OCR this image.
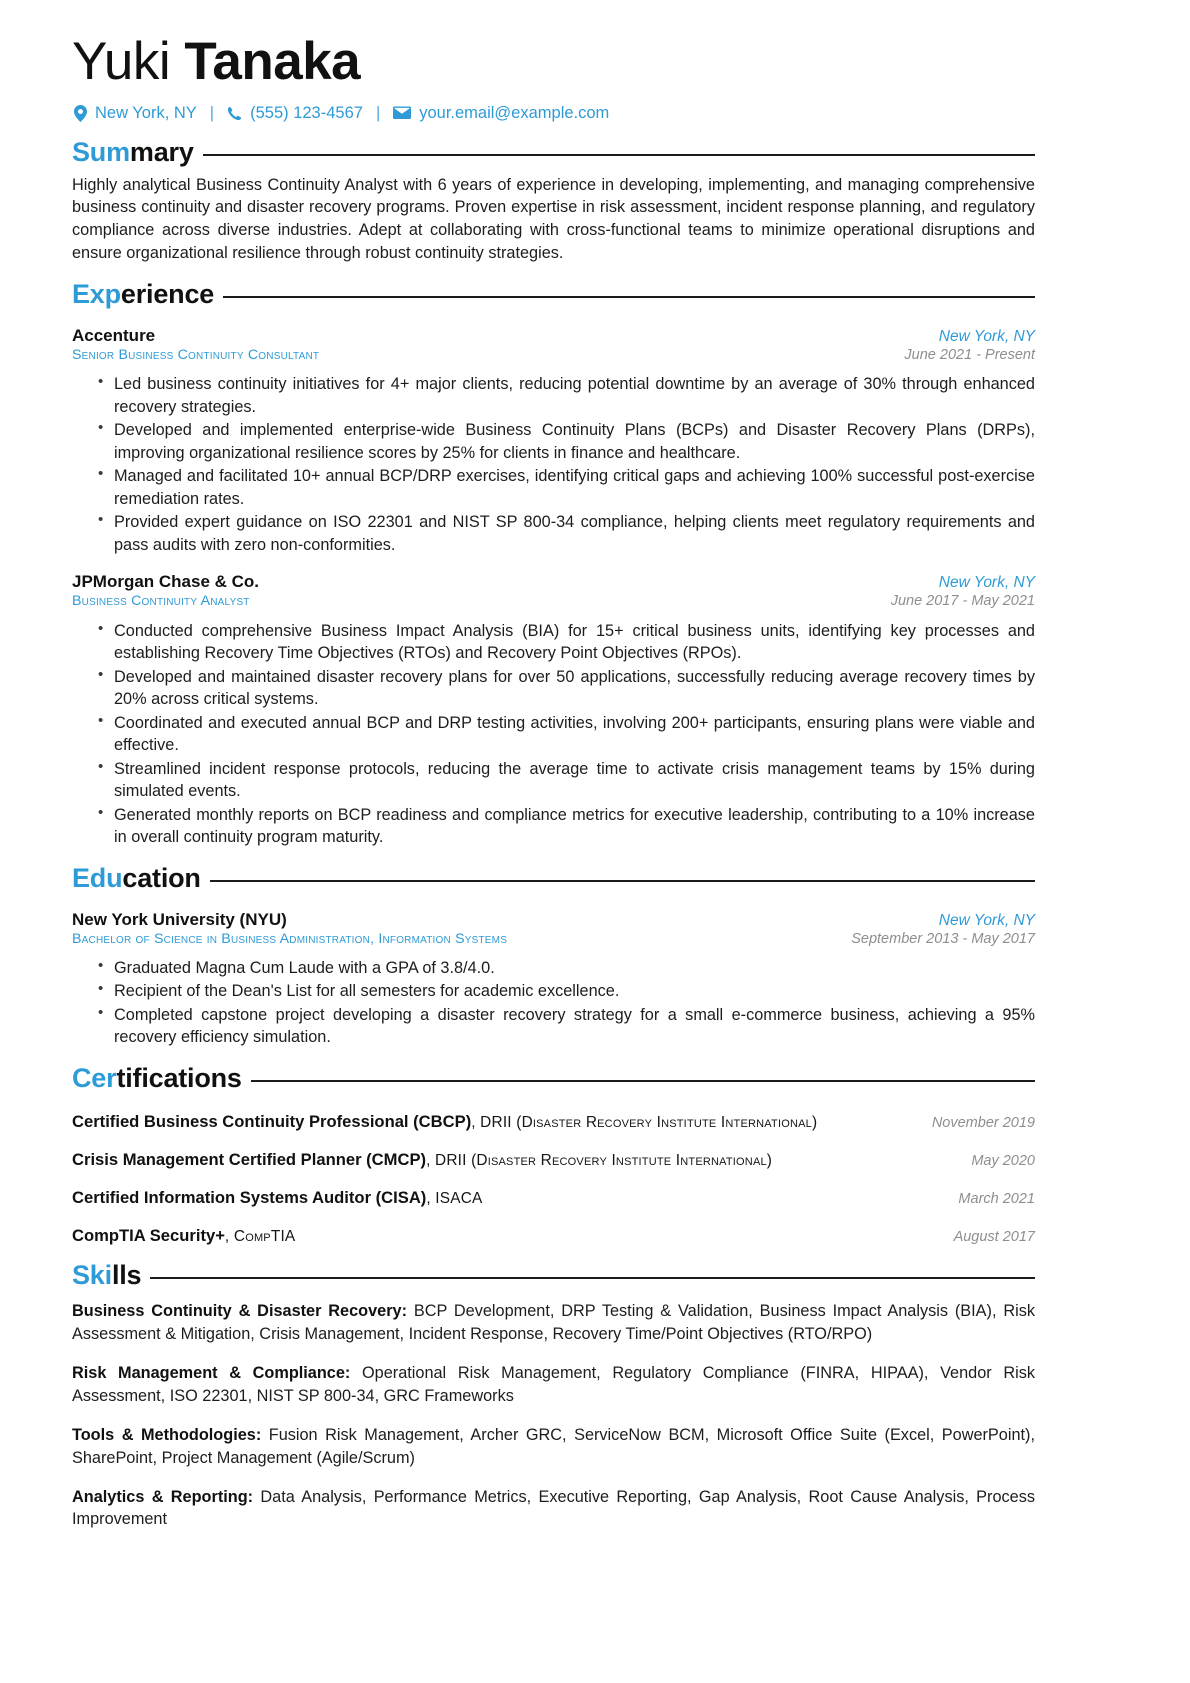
Yuki Tanaka
New York, NY | (555) 123-4567 | your.email@example.com
Summary

Highly analytical Business Continuity Analyst with 6 years of experience in developing, implementing, and managing comprehensive business continuity and disaster recovery programs. Proven expertise in risk assessment, incident response planning, and regulatory compliance across diverse industries. Adept at collaborating with cross-functional teams to minimize operational disruptions and ensure organizational resilience through robust continuity strategies.

Experience
Accenture	New York, NY
Senior Business Continuity Consultant	June 2021 - Present
• Led business continuity initiatives for 4+ major clients, reducing potential downtime by an average of 30% through enhanced recovery strategies.
• Developed and implemented enterprise-wide Business Continuity Plans (BCPs) and Disaster Recovery Plans (DRPs), improving organizational resilience scores by 25% for clients in finance and healthcare.
• Managed and facilitated 10+ annual BCP/DRP exercises, identifying critical gaps and achieving 100% successful post-exercise remediation rates.
• Provided expert guidance on ISO 22301 and NIST SP 800-34 compliance, helping clients meet regulatory requirements and pass audits with zero non-conformities.
JPMorgan Chase & Co.	New York, NY
Business Continuity Analyst	June 2017 - May 2021
• Conducted comprehensive Business Impact Analysis (BIA) for 15+ critical business units, identifying key processes and establishing Recovery Time Objectives (RTOs) and Recovery Point Objectives (RPOs).
• Developed and maintained disaster recovery plans for over 50 applications, successfully reducing average recovery times by 20% across critical systems.
• Coordinated and executed annual BCP and DRP testing activities, involving 200+ participants, ensuring plans were viable and effective.
• Streamlined incident response protocols, reducing the average time to activate crisis management teams by 15% during simulated events.
• Generated monthly reports on BCP readiness and compliance metrics for executive leadership, contributing to a 10% increase in overall continuity program maturity.
Education
New York University (NYU)	New York, NY
Bachelor of Science in Business Administration, Information Systems	September 2013 - May 2017
• Graduated Magna Cum Laude with a GPA of 3.8/4.0.
• Recipient of the Dean's List for all semesters for academic excellence.
• Completed capstone project developing a disaster recovery strategy for a small e-commerce business, achieving a 95% recovery efficiency simulation.
Certifications
Certified Business Continuity Professional (CBCP), DRII (Disaster Recovery Institute International)	November 2019
Crisis Management Certified Planner (CMCP), DRII (Disaster Recovery Institute International)	May 2020
Certified Information Systems Auditor (CISA), ISACA	March 2021
CompTIA Security+, CompTIA	August 2017
Skills

Business Continuity & Disaster Recovery: BCP Development, DRP Testing & Validation, Business Impact Analysis (BIA), Risk Assessment & Mitigation, Crisis Management, Incident Response, Recovery Time/Point Objectives (RTO/RPO)

Risk Management & Compliance: Operational Risk Management, Regulatory Compliance (FINRA, HIPAA), Vendor Risk Assessment, ISO 22301, NIST SP 800-34, GRC Frameworks

Tools & Methodologies: Fusion Risk Management, Archer GRC, ServiceNow BCM, Microsoft Office Suite (Excel, PowerPoint), SharePoint, Project Management (Agile/Scrum)

Analytics & Reporting: Data Analysis, Performance Metrics, Executive Reporting, Gap Analysis, Root Cause Analysis, Process Improvement
